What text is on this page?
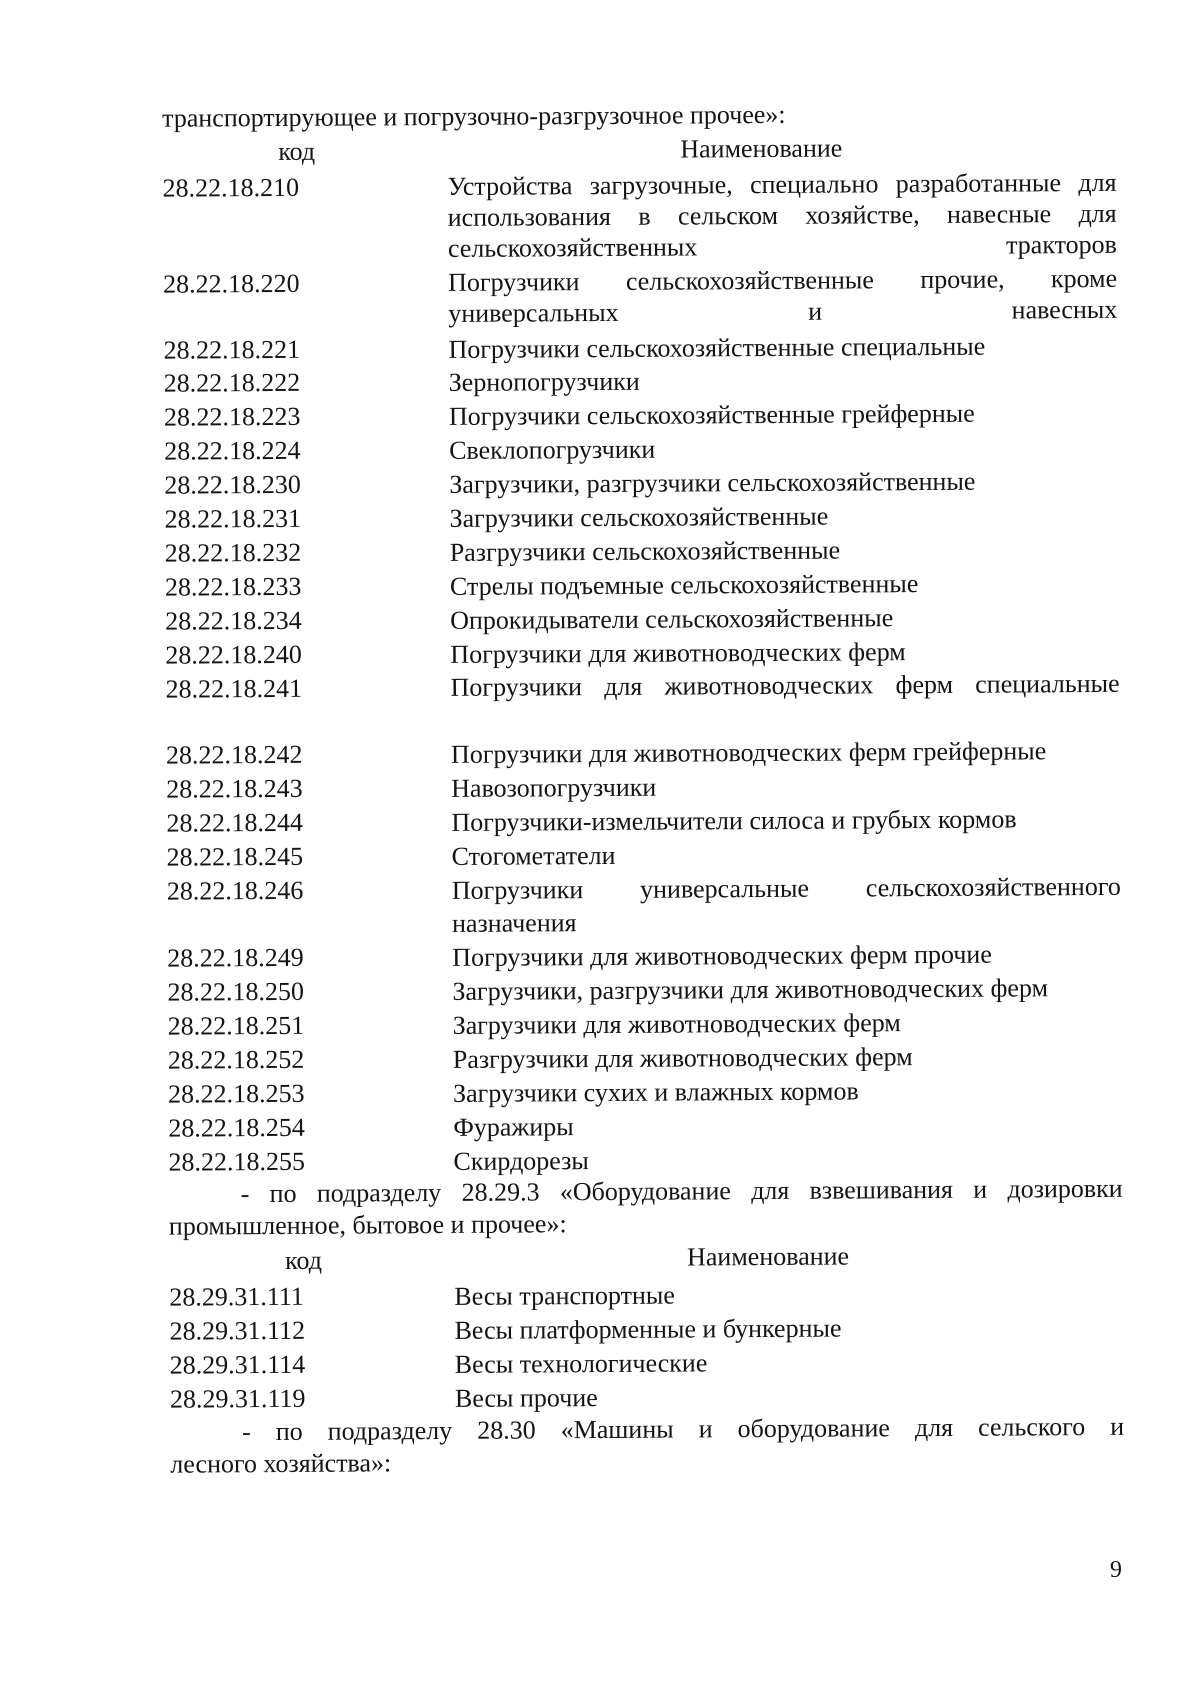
транспортирующее и погрузочно-разгрузочное прочее»:
код	Наименование
28.22.18.210	Устройства загрузочные, специально разработанные для использования в сельском хозяйстве, навесные для сельскохозяйственных тракторов
28.22.18.220	Погрузчики сельскохозяйственные прочие, кроме универсальных и навесных
28.22.18.221	Погрузчики сельскохозяйственные специальные
28.22.18.222	Зернопогрузчики
28.22.18.223	Погрузчики сельскохозяйственные грейферные
28.22.18.224	Свеклопогрузчики
28.22.18.230	Загрузчики, разгрузчики сельскохозяйственные
28.22.18.231	Загрузчики сельскохозяйственные
28.22.18.232	Разгрузчики сельскохозяйственные
28.22.18.233	Стрелы подъемные сельскохозяйственные
28.22.18.234	Опрокидыватели сельскохозяйственные
28.22.18.240	Погрузчики для животноводческих ферм
28.22.18.241	Погрузчики для животноводческих ферм специальные
28.22.18.242	Погрузчики для животноводческих ферм грейферные
28.22.18.243	Навозопогрузчики
28.22.18.244	Погрузчики-измельчители силоса и грубых кормов
28.22.18.245	Стогометатели
28.22.18.246	Погрузчики универсальные сельскохозяйственного назначения
28.22.18.249	Погрузчики для животноводческих ферм прочие
28.22.18.250	Загрузчики, разгрузчики для животноводческих ферм
28.22.18.251	Загрузчики для животноводческих ферм
28.22.18.252	Разгрузчики для животноводческих ферм
28.22.18.253	Загрузчики сухих и влажных кормов
28.22.18.254	Фуражиры
28.22.18.255	Скирдорезы
- по подразделу 28.29.3 «Оборудование для взвешивания и дозировки
промышленное, бытовое и прочее»:
код	Наименование
28.29.31.111	Весы транспортные
28.29.31.112	Весы платформенные и бункерные
28.29.31.114	Весы технологические
28.29.31.119	Весы прочие
- по подразделу 28.30 «Машины и оборудование для сельского и
лесного хозяйства»:
9
